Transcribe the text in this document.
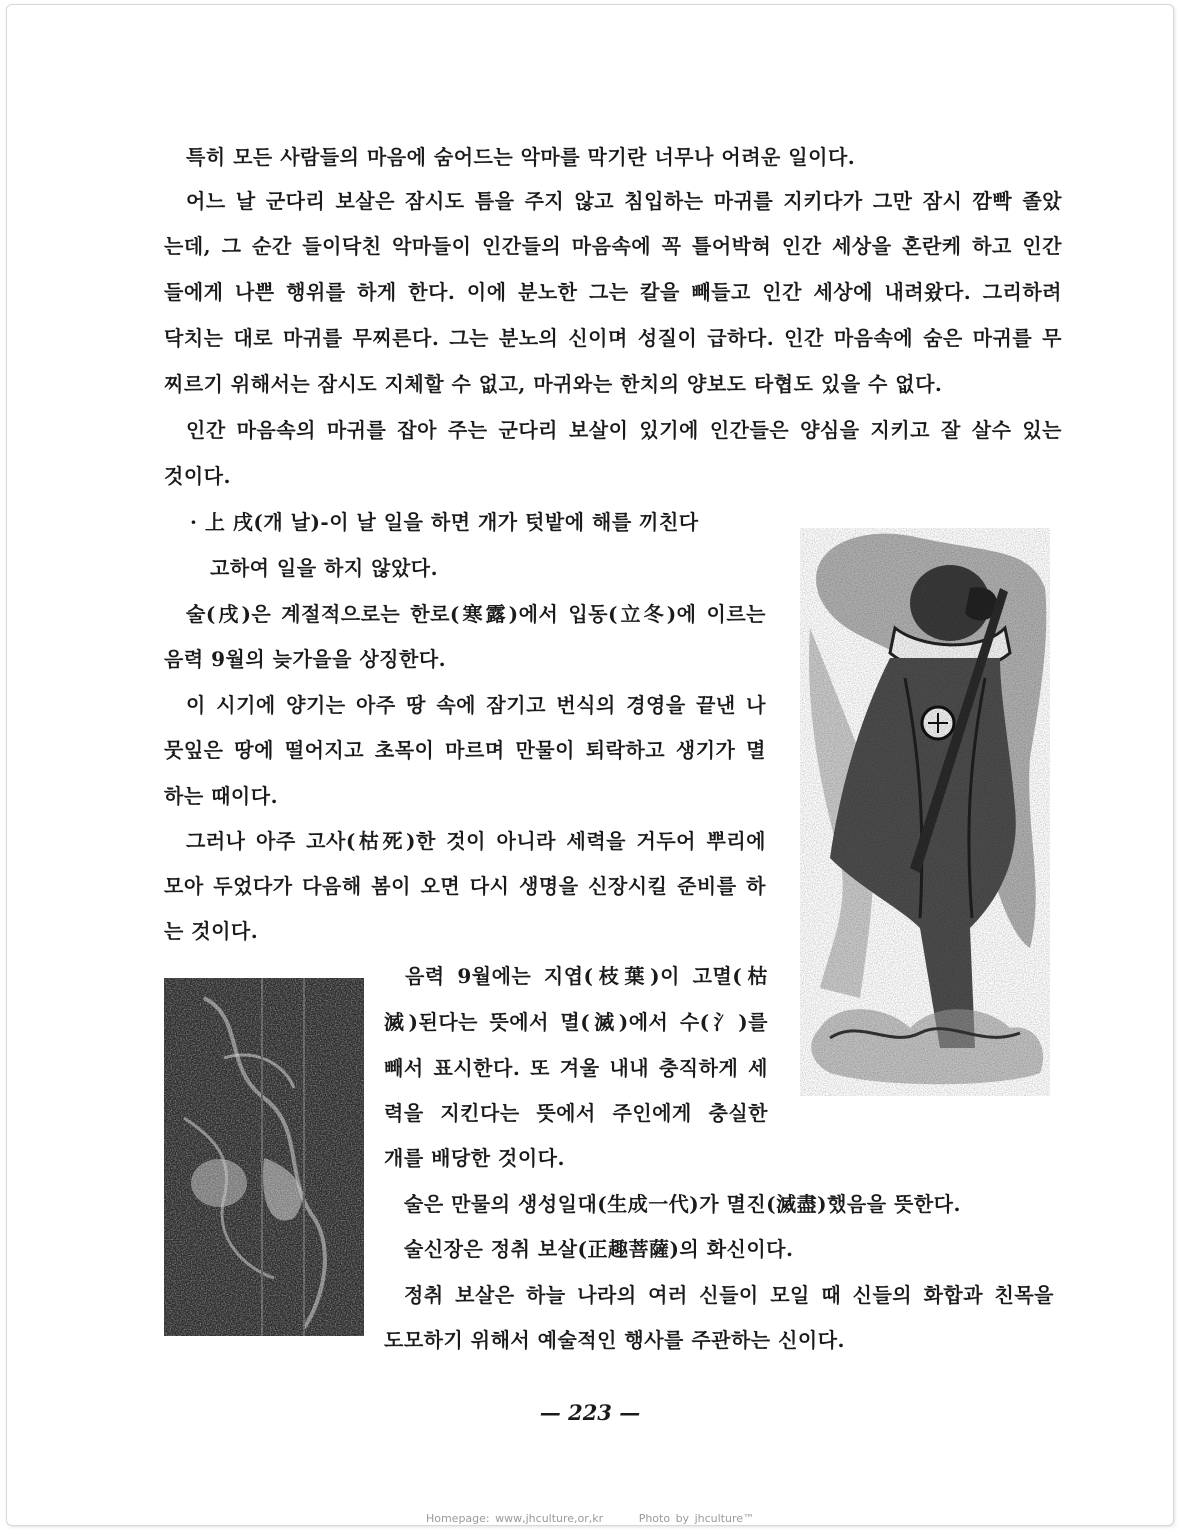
특히 모든 사람들의 마음에 숨어드는 악마를 막기란 너무나 어려운 일이다.
어느 날 군다리 보살은 잠시도 틈을 주지 않고 침입하는 마귀를 지키다가 그만 잠시 깜빡 졸았
는데, 그 순간 들이닥친 악마들이 인간들의 마음속에 꼭 틀어박혀 인간 세상을 혼란케 하고 인간
들에게 나쁜 행위를 하게 한다. 이에 분노한 그는 칼을 빼들고 인간 세상에 내려왔다. 그리하려
닥치는 대로 마귀를 무찌른다. 그는 분노의 신이며 성질이 급하다. 인간 마음속에 숨은 마귀를 무
찌르기 위해서는 잠시도 지체할 수 없고, 마귀와는 한치의 양보도 타협도 있을 수 없다.
인간 마음속의 마귀를 잡아 주는 군다리 보살이 있기에 인간들은 양심을 지키고 잘 살수 있는
것이다.
· 上 戌(개 날)-이 날 일을 하면 개가 텃밭에 해를 끼친다
고하여 일을 하지 않았다.
술(戌)은 계절적으로는 한로(寒露)에서 입동(立冬)에 이르는
음력 9월의 늦가을을 상징한다.
이 시기에 양기는 아주 땅 속에 잠기고 번식의 경영을 끝낸 나
뭇잎은 땅에 떨어지고 초목이 마르며 만물이 퇴락하고 생기가 멸
하는 때이다.
그러나 아주 고사(枯死)한 것이 아니라 세력을 거두어 뿌리에
모아 두었다가 다음해 봄이 오면 다시 생명을 신장시킬 준비를 하
는 것이다.
음력 9월에는 지엽(枝葉)이 고멸(枯
滅)된다는 뜻에서 멸(滅)에서 수(氵)를
빼서 표시한다. 또 겨울 내내 충직하게 세
력을 지킨다는 뜻에서 주인에게 충실한
개를 배당한 것이다.
술은 만물의 생성일대(生成一代)가 멸진(滅盡)했음을 뜻한다.
술신장은 정취 보살(正趣菩薩)의 화신이다.
정취 보살은 하늘 나라의 여러 신들이 모일 때 신들의 화합과 친목을
도모하기 위해서 예술적인 행사를 주관하는 신이다.
— 223 —
Homepage: www,jhculture,or,kr	Photo by jhculture™
